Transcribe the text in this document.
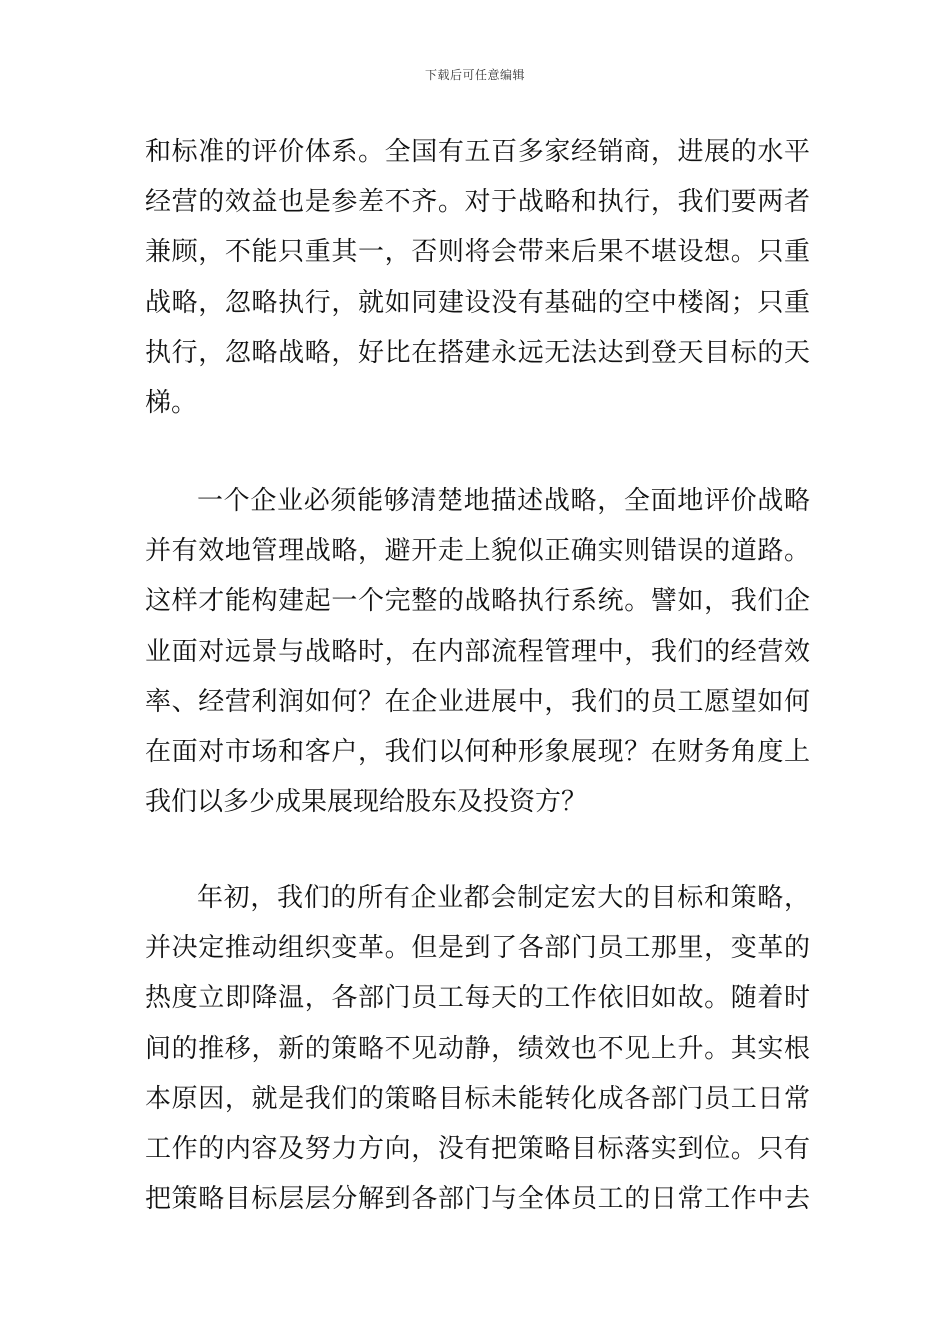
下载后可任意编辑
和标准的评价体系。全国有五百多家经销商，进展的水平
经营的效益也是参差不齐。对于战略和执行，我们要两者
兼顾，不能只重其一，否则将会带来后果不堪设想。只重
战略，忽略执行，就如同建设没有基础的空中楼阁；只重
执行，忽略战略，好比在搭建永远无法达到登天目标的天
梯。
一个企业必须能够清楚地描述战略，全面地评价战略
并有效地管理战略，避开走上貌似正确实则错误的道路。
这样才能构建起一个完整的战略执行系统。譬如，我们企
业面对远景与战略时，在内部流程管理中，我们的经营效
率、经营利润如何？在企业进展中，我们的员工愿望如何
在面对市场和客户，我们以何种形象展现？在财务角度上
我们以多少成果展现给股东及投资方？
年初，我们的所有企业都会制定宏大的目标和策略，
并决定推动组织变革。但是到了各部门员工那里，变革的
热度立即降温，各部门员工每天的工作依旧如故。随着时
间的推移，新的策略不见动静，绩效也不见上升。其实根
本原因，就是我们的策略目标未能转化成各部门员工日常
工作的内容及努力方向，没有把策略目标落实到位。只有
把策略目标层层分解到各部门与全体员工的日常工作中去
